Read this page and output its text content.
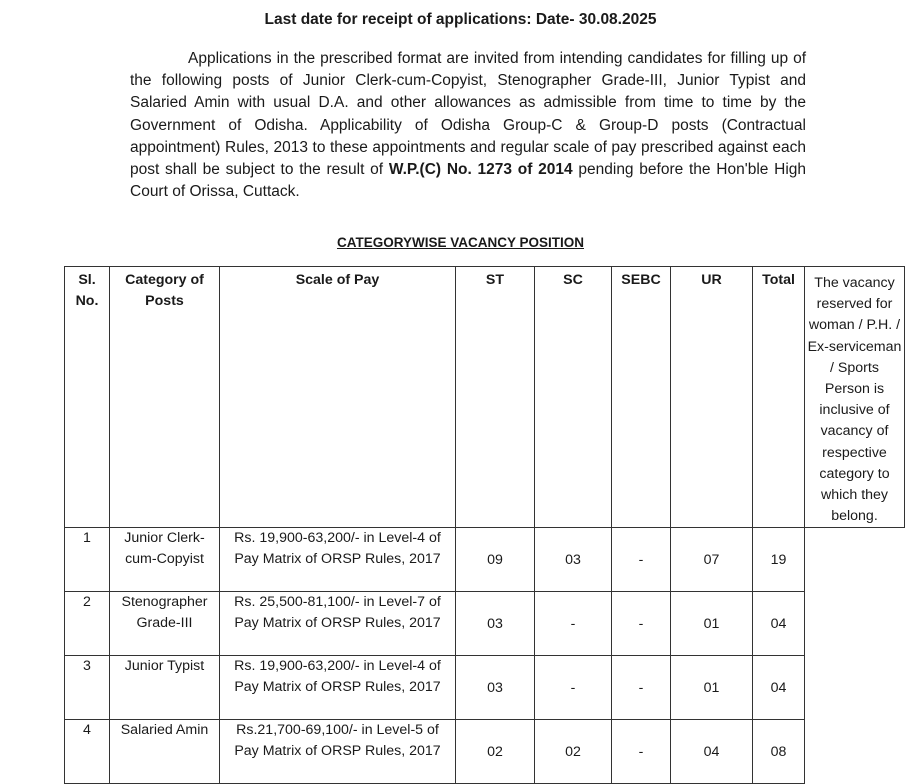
Last date for receipt of applications: Date- 30.08.2025

Applications in the prescribed format are invited from intending candidates for filling up of the following posts of Junior Clerk-cum-Copyist, Stenographer Grade-III, Junior Typist and Salaried Amin with usual D.A. and other allowances as admissible from time to time by the Government of Odisha. Applicability of Odisha Group-C & Group-D posts (Contractual appointment) Rules, 2013 to these appointments and regular scale of pay prescribed against each post shall be subject to the result of W.P.(C) No. 1273 of 2014 pending before the Hon'ble High Court of Orissa, Cuttack.

CATEGORYWISE VACANCY POSITION
Sl. No.	Category of Posts	Scale of Pay	ST	SC	SEBC	UR	Total	The vacancy reserved for woman / P.H. / Ex-serviceman / Sports Person is inclusive of vacancy of respective category to which they belong.
1	Junior Clerk-cum-Copyist	Rs. 19,900-63,200/- in Level-4 of Pay Matrix of ORSP Rules, 2017	09	03	-	07	19	
2	Stenographer Grade-III	Rs. 25,500-81,100/- in Level-7 of Pay Matrix of ORSP Rules, 2017	03	-	-	01	04	
3	Junior Typist	Rs. 19,900-63,200/- in Level-4 of Pay Matrix of ORSP Rules, 2017	03	-	-	01	04	
4	Salaried Amin	Rs.21,700-69,100/- in Level-5 of Pay Matrix of ORSP Rules, 2017	02	02	-	04	08	
